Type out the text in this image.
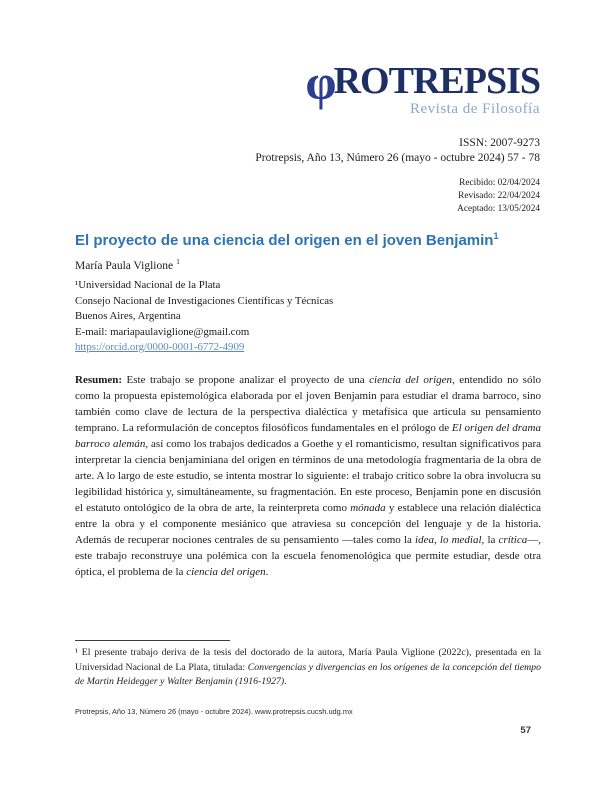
φROTREPSIS
Revista de Filosofía
ISSN: 2007-9273
Protrepsis, Año 13, Número 26 (mayo - octubre 2024) 57 - 78
Recibido: 02/04/2024
Revisado: 22/04/2024
Aceptado: 13/05/2024
El proyecto de una ciencia del origen en el joven Benjamin$^1$
María Paula Viglione $^1$
¹Universidad Nacional de la Plata
Consejo Nacional de Investigaciones Científicas y Técnicas
Buenos Aires, Argentina
E-mail: mariapaulaviglione@gmail.com
https://orcid.org/0000-0001-6772-4909

Resumen: Este trabajo se propone analizar el proyecto de una ciencia del origen, entendido no sólo como la propuesta epistemológica elaborada por el joven Benjamin para estudiar el drama barroco, sino también como clave de lectura de la perspectiva dialéctica y metafísica que articula su pensamiento temprano. La reformulación de conceptos filosóficos fundamentales en el prólogo de El origen del drama barroco alemán, así como los trabajos dedicados a Goethe y el romanticismo, resultan significativos para interpretar la ciencia benjaminiana del origen en términos de una metodología fragmentaria de la obra de arte. A lo largo de este estudio, se intenta mostrar lo siguiente: el trabajo crítico sobre la obra involucra su legibilidad histórica y, simultáneamente, su fragmentación. En este proceso, Benjamin pone en discusión el estatuto ontológico de la obra de arte, la reinterpreta como mónada y establece una relación dialéctica entre la obra y el componente mesiánico que atraviesa su concepción del lenguaje y de la historia. Además de recuperar nociones centrales de su pensamiento —tales como la idea, lo medial, la crítica—, este trabajo reconstruye una polémica con la escuela fenomenológica que permite estudiar, desde otra óptica, el problema de la ciencia del origen.

¹ El presente trabajo deriva de la tesis del doctorado de la autora, María Paula Viglione (2022c), presentada en la Universidad Nacional de La Plata, titulada: Convergencias y divergencias en los orígenes de la concepción del tiempo de Martin Heidegger y Walter Benjamin (1916-1927).

Protrepsis, Año 13, Número 26 (mayo - octubre 2024). www.protrepsis.cucsh.udg.mx
57
